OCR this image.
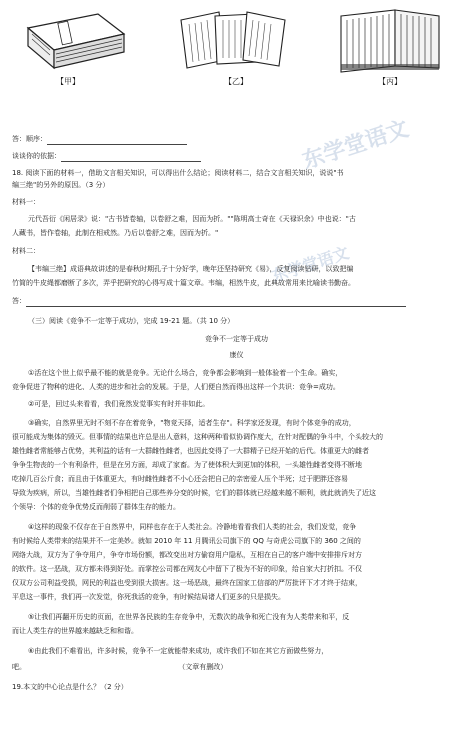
【甲】	【乙】	【丙】
东学堂语文
东学堂语文
答：顺序：
谈谈你的依据：
18. 阅读下面的材料一，借助文言相关知识，可以得出什么结论；阅读材料二，结合文言相关知识，说说"书
编三绝"的另外的原因。（3 分）
材料一：
元代吾衍《闲居录》说："古书皆卷轴，以卷舒之难，因而为折。""陈明高士奇在《天禄识余》中也说："古
人藏书，皆作卷轴，此制在相戒然。乃后以卷舒之难，因而为折。"
材料二：
【韦编三绝】成语典故讲述的是春秋时期孔子十分好学，晚年还坚持研究《易》，反复阅读钻研，以致把编
竹简的牛皮绳都磨断了多次，弄乎把研究的心得写成十篇文章。韦编，相然牛皮，此典故常用来比喻读书勤奋。
答：
（三）阅读《竞争不一定等于成功》，完成 19-21 题。（共 10 分）
竞争不一定等于成功
康仪
①活在这个世上似乎最不能的就是竞争。无论什么场合，竞争都会影响到一般体验着一个生命。确实，
竞争促进了物种的进化、人类的进步和社会的发展。于是，人们便自然而得出这样一个共识：竞争=成功。
②可是，回过头来看看，我们竟然发觉事实有时并非如此。
③确实，自然界里无时不刻不存在着竞争，"物竞天择，适者生存"。科学家还发现，有时个体竞争的成功，
很可能成为集体的毁灭。但事情的结果也许总是出人意料，这种两种看似协调作度大，在针对配偶的争斗中，个头较大的
雄性雌者常能够占优势，其利益的话有一大群雌性雌者，也因此变得了一大群精子已经开始的后代。体重更大的雌者
争争生物丧的一个有利条件，但是在另方面，却成了家畜。为了使体积大到更加的体积，一头雄性雌者变得不断地
吃掉几百公斤食；而且由于体重更大，有时雌性雌者不小心还会把自己的亲密爱人压个半死；过于肥胖还容易
导致为疾病，所以，当雄性雌者们争相把自己那些养分变的时候，它们的群体就已经越来越不顺利，就此就消失了近这
个领导：个体的竞争优势反而削弱了群体生存的能力。
④这样的现象不仅存在于自然界中，同样也存在于人类社会。冷静地看看我们人类的社会，我们发觉，竞争
有时候给人类带来的结果并不一定美妙。就如 2010 年 11 月腾讯公司旗下的 QQ 与奇虎公司旗下的 360 之间的
网络大战，双方为了争夺用户，争夺市场份额，都改变出对方偷窃用户隐私，互相在自己的客户端中安排排斥对方
的软件。这一恶战，双方都未得到好处。而掌控公司都在网友心中留下了极为不好的印象，给自家大打折扣。不仅
仅双方公司利益受损，网民的利益也受到很大损害。这一场恶战，最终在国家工信部的严厉批评下才才终于结束，
平息这一事件，我们再一次发觉，你死我活的竞争，有时候结局诸人们更多的只是损失。
⑤让我们再翻开历史的页面，在世界各民族的生存竞争中，无数次的战争和死亡没有为人类带来和平，反
而让人类生存的世界越来越缺乏和和谐。
⑥由此我们不难看出，许多时候，竞争不一定就能带来成功，或许我们不如在其它方面做些努力，
吧。	（文章有删改）
19.本文的中心论点是什么？（2 分）
